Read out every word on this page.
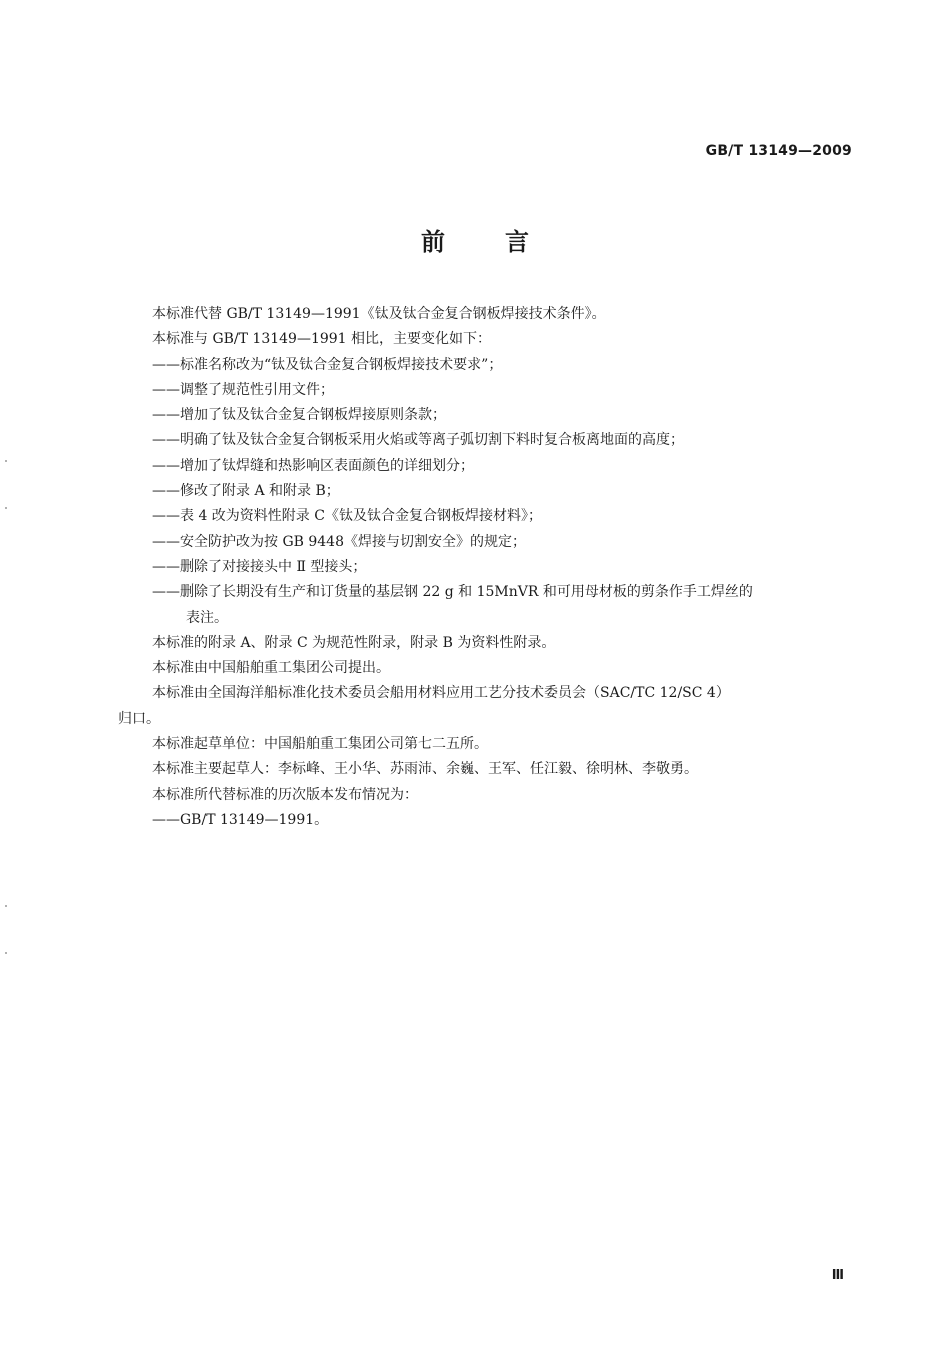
GB/T 13149—2009
前言

本标准代替 GB/T 13149—1991《钛及钛合金复合钢板焊接技术条件》。

本标准与 GB/T 13149—1991 相比，主要变化如下：

——标准名称改为“钛及钛合金复合钢板焊接技术要求”；

——调整了规范性引用文件；

——增加了钛及钛合金复合钢板焊接原则条款；

——明确了钛及钛合金复合钢板采用火焰或等离子弧切割下料时复合板离地面的高度；

——增加了钛焊缝和热影响区表面颜色的详细划分；

——修改了附录 A 和附录 B；

——表 4 改为资料性附录 C《钛及钛合金复合钢板焊接材料》；

——安全防护改为按 GB 9448《焊接与切割安全》的规定；

——删除了对接接头中 Ⅱ 型接头；

——删除了长期没有生产和订货量的基层钢 22 g 和 15MnVR 和可用母材板的剪条作手工焊丝的

表注。

本标准的附录 A、附录 C 为规范性附录，附录 B 为资料性附录。

本标准由中国船舶重工集团公司提出。

本标准由全国海洋船标准化技术委员会船用材料应用工艺分技术委员会（SAC/TC 12/SC 4）

归口。

本标准起草单位：中国船舶重工集团公司第七二五所。

本标准主要起草人：李标峰、王小华、苏雨沛、余巍、王军、任江毅、徐明林、李敬勇。

本标准所代替标准的历次版本发布情况为：

——GB/T 13149—1991。

Ⅲ
